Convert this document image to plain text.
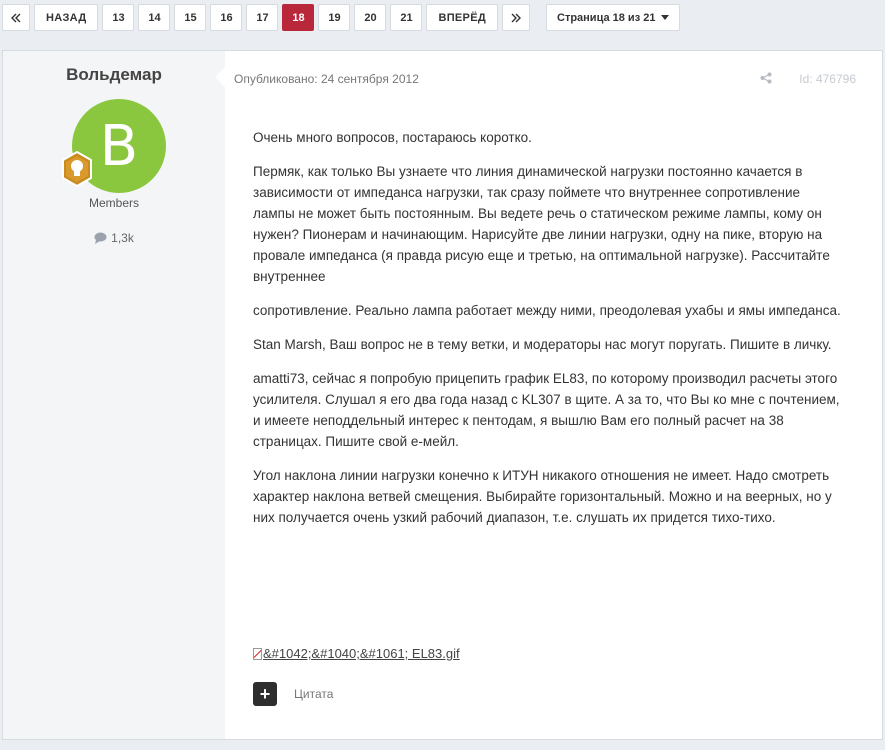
НАЗАД	13	14	15	16	17	18	19	20	21	ВПЕРЁД	Страница 18 из 21
Вольдемар
B
Members
1,3k
Опубликовано: 24 сентября 2012	Id: 476796

Очень много вопросов, постараюсь коротко.

Пермяк, как только Вы узнаете что линия динамической нагрузки постоянно качается в зависимости от импеданса нагрузки, так сразу поймете что внутреннее сопротивление лампы не может быть постоянным. Вы ведете речь о статическом режиме лампы, кому он нужен? Пионерам и начинающим. Нарисуйте две линии нагрузки, одну на пике, вторую на провале импеданса (я правда рисую еще и третью, на оптимальной нагрузке). Рассчитайте внутреннее

сопротивление. Реально лампа работает между ними, преодолевая ухабы и ямы импеданса.

Stan Marsh, Ваш вопрос не в тему ветки, и модераторы нас могут поругать. Пишите в личку.

amatti73, сейчас я попробую прицепить график EL83, по которому производил расчеты этого усилителя. Слушал я его два года назад с KL307 в щите. А за то, что Вы ко мне с почтением, и имеете неподдельный интерес к пентодам, я вышлю Вам его полный расчет на 38 страницах. Пишите свой е-мейл.

Угол наклона линии нагрузки конечно к ИТУН никакого отношения не имеет. Надо смотреть характер наклона ветвей смещения. Выбирайте горизонтальный. Можно и на веерных, но у них получается очень узкий рабочий диапазон, т.е. слушать их придется тихо-тихо.

&#1042;&#1040;&#1061; EL83.gif
+	Цитата
